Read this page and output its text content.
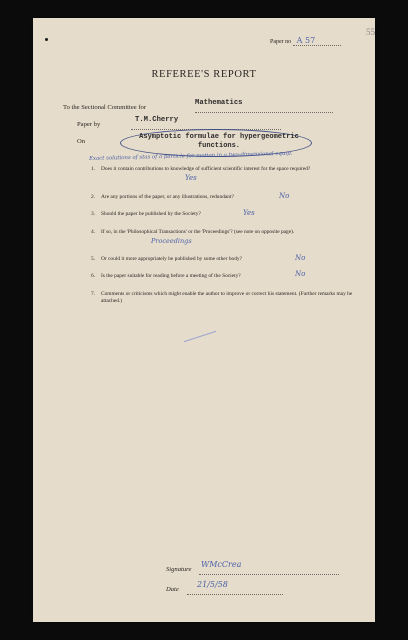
55
Paper no A 57
REFEREE'S REPORT
To the Sectional Committee for
Mathematics
Paper by
T.M.Cherry
On
Asymptotic formulae for hypergeometric
functions.
Exact solutions of stas of a particle for motion in a two-dimensional equip.
1. Does it contain contributions to knowledge of sufficient scientific interest for the space required?
Yes
2. Are any portions of the paper, or any illustrations, redundant?	No
3. Should the paper be published by the Society?	Yes
4. If so, in the 'Philosophical Transactions' or the 'Proceedings'? (see note on opposite page).
Proceedings
5. Or could it more appropriately be published by some other body?	No
6. Is the paper suitable for reading before a meeting of the Society?	No
7. Comments or criticisms which might enable the author to improve or correct his statement. (Further remarks may be attached.)
Signature
WMcCrea
Date
21/5/58
